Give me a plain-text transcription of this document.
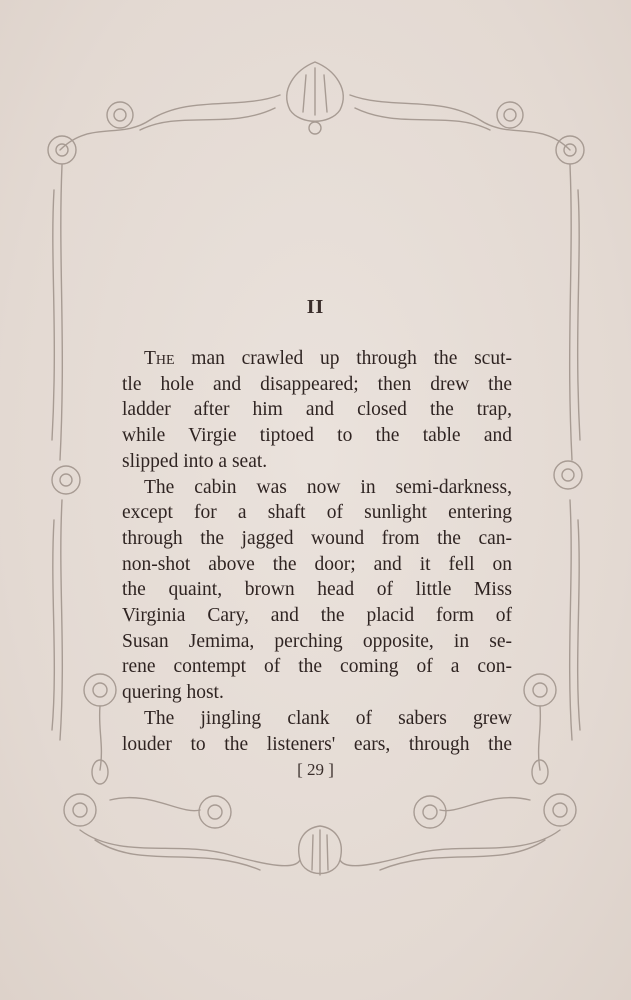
II

The man crawled up through the scut-
tle hole and disappeared; then drew the
ladder after him and closed the trap,
while Virgie tiptoed to the table and
slipped into a seat.

The cabin was now in semi-darkness,
except for a shaft of sunlight entering
through the jagged wound from the can-
non-shot above the door; and it fell on
the quaint, brown head of little Miss
Virginia Cary, and the placid form of
Susan Jemima, perching opposite, in se-
rene contempt of the coming of a con-
quering host.

The jingling clank of sabers grew
louder to the listeners' ears, through the

[ 29 ]
